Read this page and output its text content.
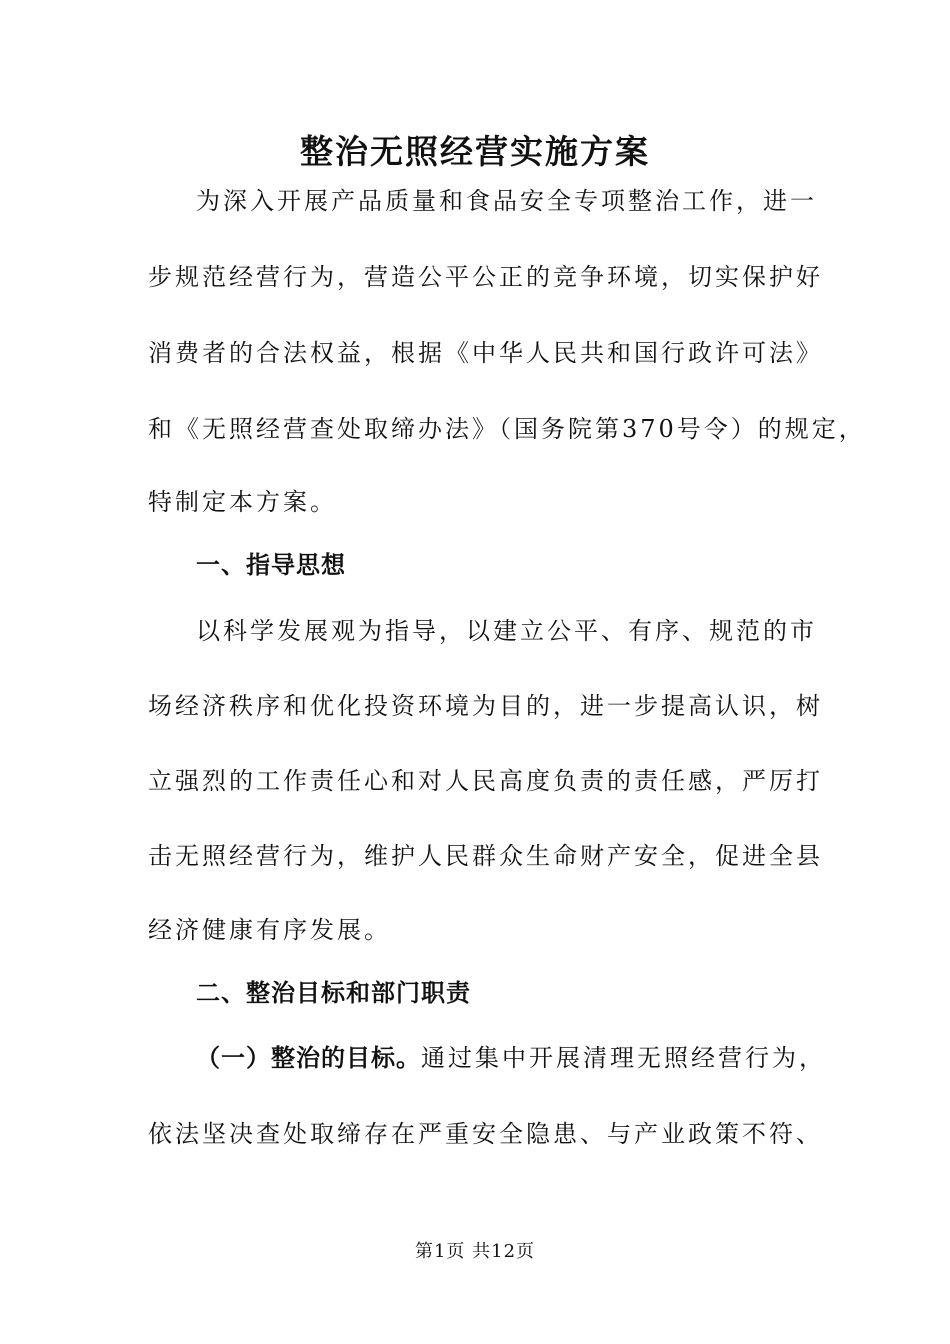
整治无照经营实施方案
为深入开展产品质量和食品安全专项整治工作，进一
步规范经营行为，营造公平公正的竞争环境，切实保护好
消费者的合法权益，根据《中华人民共和国行政许可法》
和《无照经营查处取缔办法》（国务院第370号令）的规定，
特制定本方案。
一、指导思想
以科学发展观为指导，以建立公平、有序、规范的市
场经济秩序和优化投资环境为目的，进一步提高认识，树
立强烈的工作责任心和对人民高度负责的责任感，严厉打
击无照经营行为，维护人民群众生命财产安全，促进全县
经济健康有序发展。
二、整治目标和部门职责
（一）整治的目标。通过集中开展清理无照经营行为，
依法坚决查处取缔存在严重安全隐患、与产业政策不符、
第1页 共12页
